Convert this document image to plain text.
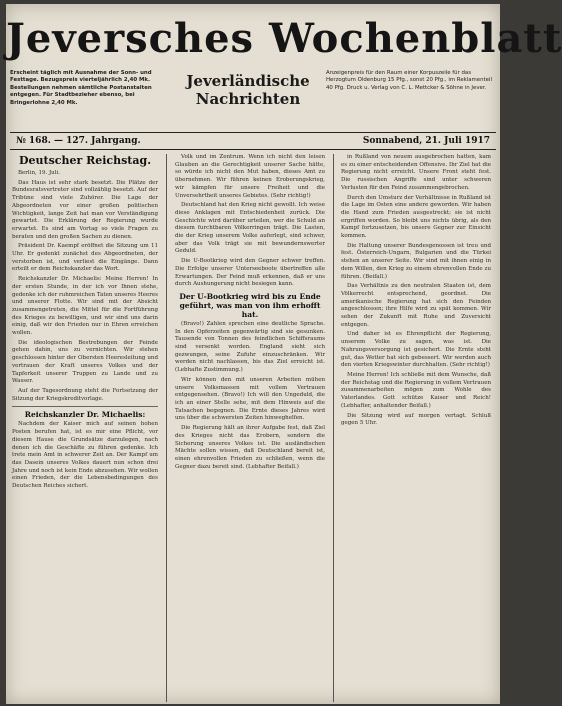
Jeversches Wochenblatt
Erscheint täglich mit Ausnahme der Sonn- und Festtage. Bezugspreis vierteljährlich 2,40 Mk. Bestellungen nehmen sämtliche Postanstalten entgegen. Für Stadtbezieher ebenso, bei Bringerlohne 2,40 Mk.
Jeverländische
Nachrichten
Anzeigenpreis für den Raum einer Korpuszeile für das Herzogtum Oldenburg 15 Pfg., sonst 20 Pfg., im Reklamenteil 40 Pfg. Druck u. Verlag von C. L. Mettcker & Söhne in Jever.
№ 168. — 127. Jahrgang.	Sonnabend, 21. Juli 1917
Deutscher Reichstag.

Berlin, 19. Juli.

Das Haus ist sehr stark besetzt. Die Plätze der Bundesratsvertreter sind vollzählig besetzt. Auf der Tribüne sind viele Zuhörer. Die Lage der Abgeordneten vor einer großen politischen Wichtigkeit, lange Zeit hat man vor Verständigung gewartet. Die Erklärung der Regierung wurde erwartet. Es sind am Vortag so viele Fragen zu beraten und den großen Sachen zu dienen.

Präsident Dr. Kaempf eröffnet die Sitzung um 11 Uhr. Er gedenkt zunächst des Abgeordneten, der verstorben ist, und verliest die Eingänge. Dann erteilt er dem Reichskanzler das Wort.

Reichskanzler Dr. Michaelis: Meine Herren! In der ersten Stunde, in der ich vor Ihnen stehe, gedenke ich der ruhmreichen Taten unseres Heeres und unserer Flotte. Wir sind mit der Absicht zusammengetreten, die Mittel für die Fortführung des Krieges zu bewilligen, und wir sind uns darin einig, daß wir den Frieden nur in Ehren erreichen wollen.

Die ideologischen Bestrebungen der Feinde gehen dahin, uns zu vernichten. Wir stehen geschlossen hinter der Obersten Heeresleitung und vertrauen der Kraft unseres Volkes und der Tapferkeit unserer Truppen zu Lande und zu Wasser.

Auf der Tagesordnung steht die Fortsetzung der Sitzung der Kriegskreditvorlage.

Reichskanzler Dr. Michaelis:

Nachdem der Kaiser mich auf seinen hohen Posten berufen hat, ist es mir eine Pflicht, vor diesem Hause die Grundsätze darzulegen, nach denen ich die Geschäfte zu führen gedenke. Ich trete mein Amt in schwerer Zeit an. Der Kampf um das Dasein unseres Volkes dauert nun schon drei Jahre und noch ist kein Ende abzusehen. Wir wollen einen Frieden, der die Lebensbedingungen des Deutschen Reiches sichert.

Volk und im Zentrum. Wenn ich nicht den leisen Glauben an die Gerechtigkeit unserer Sache hätte, so würde ich nicht den Mut haben, dieses Amt zu übernehmen. Wir führen keinen Eroberungskrieg, wir kämpfen für unsere Freiheit und die Unversehrtheit unseres Gebietes. (Sehr richtig!)

Deutschland hat den Krieg nicht gewollt. Ich weise diese Anklagen mit Entschiedenheit zurück. Die Geschichte wird darüber urteilen, wer die Schuld an diesem furchtbaren Völkerringen trägt. Die Lasten, die der Krieg unserem Volke auferlegt, sind schwer, aber das Volk trägt sie mit bewundernswerter Geduld.

Die U-Bootkrieg wird den Gegner schwer treffen. Die Erfolge unserer Unterseeboote übertreffen alle Erwartungen. Der Feind muß erkennen, daß er uns durch Aushungerung nicht besiegen kann.

Der U-Bootkrieg wird bis zu Ende geführt, was man von ihm erhofft hat.

(Bravo!) Zahlen sprechen eine deutliche Sprache. In den Opferzeiten gegenwärtig sind sie gesunken. Tausende von Tonnen des feindlichen Schiffsraums sind versenkt worden. England sieht sich gezwungen, seine Zufuhr einzuschränken. Wir werden nicht nachlassen, bis das Ziel erreicht ist. (Lebhafte Zustimmung.)

Wir können den mit unseren Arbeiten mühen unsere Volksmassen mit vollem Vertrauen entgegensehen. (Bravo!) Ich will den Ungeduld, die ich an einer Stelle sehe, mit dem Hinweis auf die Tatsachen begegnen. Die Ernte dieses Jahres wird uns über die schwersten Zeiten hinweghelfen.

Die Regierung hält an ihrer Aufgabe fest, daß Ziel des Krieges nicht das Erobern, sondern die Sicherung unseres Volkes ist. Die ausländischen Mächte sollen wissen, daß Deutschland bereit ist, einen ehrenvollen Frieden zu schließen, wenn die Gegner dazu bereit sind. (Lebhafter Beifall.)

in Rußland von neuem ausgebrochen hatten, kam es zu einer entscheidenden Offensive. Ihr Ziel hat die Regierung nicht erreicht. Unsere Front steht fest. Die russischen Angriffe sind unter schweren Verlusten für den Feind zusammengebrochen.

Durch den Umsturz der Verhältnisse in Rußland ist die Lage im Osten eine andere geworden. Wir haben die Hand zum Frieden ausgestreckt; sie ist nicht ergriffen worden. So bleibt uns nichts übrig, als den Kampf fortzusetzen, bis unsere Gegner zur Einsicht kommen.

Die Haltung unserer Bundesgenossen ist treu und fest. Österreich-Ungarn, Bulgarien und die Türkei stehen an unserer Seite. Wir sind mit ihnen einig in dem Willen, den Krieg zu einem ehrenvollen Ende zu führen. (Beifall.)

Das Verhältnis zu den neutralen Staaten ist, dem Völkerrecht entsprechend, geordnet. Die amerikanische Regierung hat sich den Feinden angeschlossen; ihre Hilfe wird zu spät kommen. Wir sehen der Zukunft mit Ruhe und Zuversicht entgegen.

Und daher ist es Ehrenpflicht der Regierung, unserem Volke zu sagen, was ist. Die Nahrungsversorgung ist gesichert. Die Ernte steht gut, das Wetter hat sich gebessert. Wir werden auch den vierten Kriegswinter durchhalten. (Sehr richtig!)

Meine Herren! Ich schließe mit dem Wunsche, daß der Reichstag und die Regierung in vollem Vertrauen zusammenarbeiten mögen zum Wohle des Vaterlandes. Gott schütze Kaiser und Reich! (Lebhafter, anhaltender Beifall.)

Die Sitzung wird auf morgen vertagt. Schluß gegen 5 Uhr.
